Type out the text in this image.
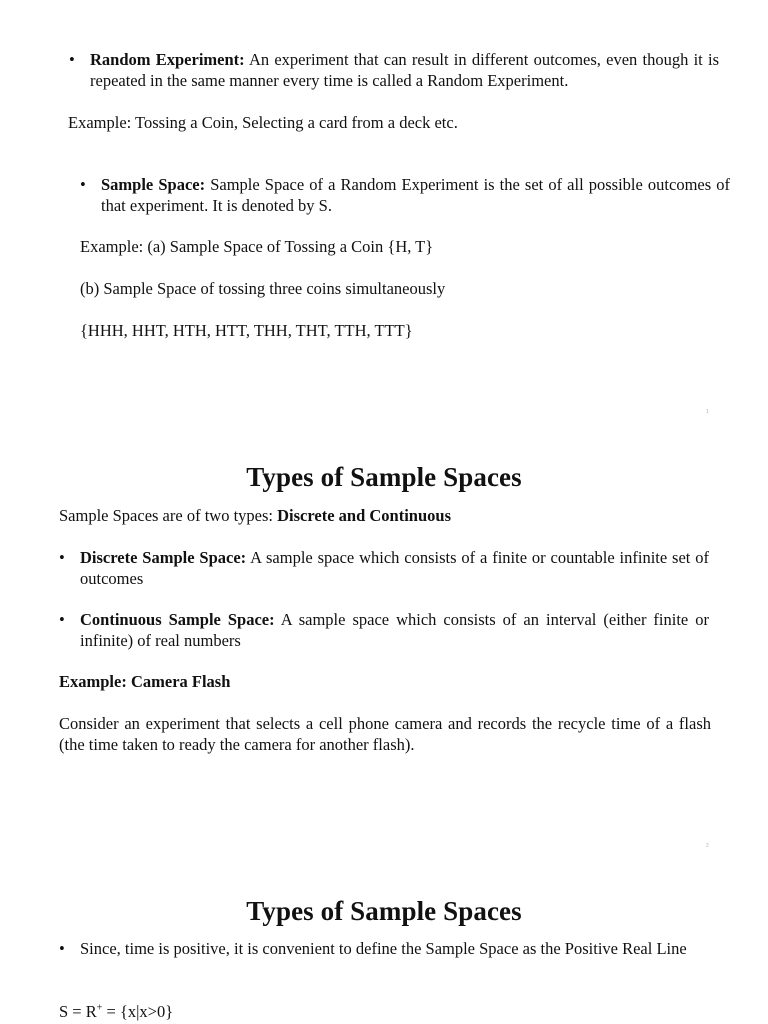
• Random Experiment: An experiment that can result in different outcomes, even though it is repeated in the same manner every time is called a Random Experiment.
Example: Tossing a Coin, Selecting a card from a deck etc.
• Sample Space: Sample Space of a Random Experiment is the set of all possible outcomes of that experiment. It is denoted by S.
Example: (a) Sample Space of Tossing a Coin {H, T}
(b) Sample Space of tossing three coins simultaneously
{HHH, HHT, HTH, HTT, THH, THT, TTH, TTT}
1
Types of Sample Spaces
Sample Spaces are of two types: Discrete and Continuous
• Discrete Sample Space: A sample space which consists of a finite or countable infinite set of outcomes
• Continuous Sample Space: A sample space which consists of an interval (either finite or infinite) of real numbers
Example: Camera Flash
Consider an experiment that selects a cell phone camera and records the recycle time of a flash (the time taken to ready the camera for another flash).
2
Types of Sample Spaces
• Since, time is positive, it is convenient to define the Sample Space as the Positive Real Line
S = R+ = {x|x>0}
